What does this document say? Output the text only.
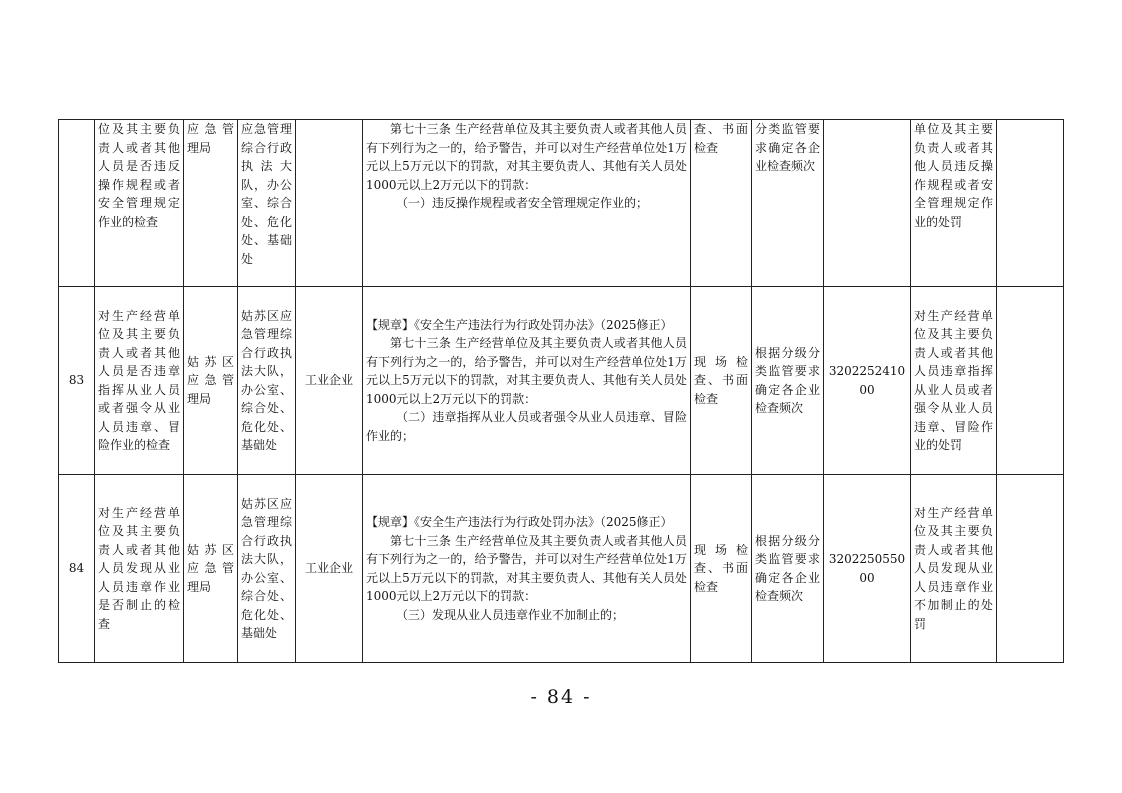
	位及其主要负责人或者其他人员是否违反操作规程或者安全管理规定作业的检查	应急管理局	应急管理综合行政执法大队，办公室、综合处、危化处、基础处		第七十三条 生产经营单位及其主要负责人或者其他人员有下列行为之一的，给予警告，并可以对生产经营单位处1万元以上5万元以下的罚款，对其主要负责人、其他有关人员处1000元以上2万元以下的罚款：

（一）违反操作规程或者安全管理规定作业的；	查、书面检查	分类监管要求确定各企业检查频次		单位及其主要负责人或者其他人员违反操作规程或者安全管理规定作业的处罚	
83	对生产经营单位及其主要负责人或者其他人员是否违章指挥从业人员或者强令从业人员违章、冒险作业的检查	姑苏区应急管理局	姑苏区应急管理综合行政执法大队，办公室、综合处、危化处、基础处	工业企业	【规章】《安全生产违法行为行政处罚办法》（2025修正）

第七十三条 生产经营单位及其主要负责人或者其他人员有下列行为之一的，给予警告，并可以对生产经营单位处1万元以上5万元以下的罚款，对其主要负责人、其他有关人员处1000元以上2万元以下的罚款：

（二）违章指挥从业人员或者强令从业人员违章、冒险作业的；	现场检查、书面检查	根据分级分类监管要求确定各企业检查频次	320225241000	对生产经营单位及其主要负责人或者其他人员违章指挥从业人员或者强令从业人员违章、冒险作业的处罚	
84	对生产经营单位及其主要负责人或者其他人员发现从业人员违章作业是否制止的检查	姑苏区应急管理局	姑苏区应急管理综合行政执法大队，办公室、综合处、危化处、基础处	工业企业	【规章】《安全生产违法行为行政处罚办法》（2025修正）

第七十三条 生产经营单位及其主要负责人或者其他人员有下列行为之一的，给予警告，并可以对生产经营单位处1万元以上5万元以下的罚款，对其主要负责人、其他有关人员处1000元以上2万元以下的罚款：

（三）发现从业人员违章作业不加制止的；	现场检查、书面检查	根据分级分类监管要求确定各企业检查频次	320225055000	对生产经营单位及其主要负责人或者其他人员发现从业人员违章作业不加制止的处罚	
- 84 -
